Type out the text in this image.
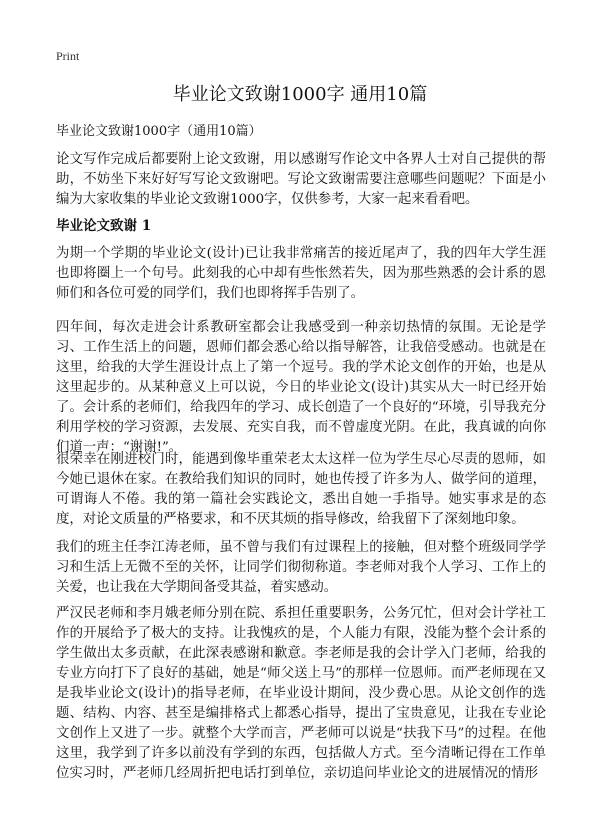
Print

毕业论文致谢1000字 通用10篇

毕业论文致谢1000字（通用10篇）

论文写作完成后都要附上论文致谢，用以感谢写作论文中各界人士对自己提供的帮助，不妨坐下来好好写写论文致谢吧。写论文致谢需要注意哪些问题呢？下面是小编为大家收集的毕业论文致谢1000字，仅供参考，大家一起来看看吧。

毕业论文致谢 1

为期一个学期的毕业论文(设计)已让我非常痛苦的接近尾声了，我的四年大学生涯也即将圈上一个句号。此刻我的心中却有些怅然若失，因为那些熟悉的会计系的恩师们和各位可爱的同学们，我们也即将挥手告别了。

四年间，每次走进会计系教研室都会让我感受到一种亲切热情的氛围。无论是学习、工作生活上的问题，恩师们都会悉心给以指导解答，让我倍受感动。也就是在这里，给我的大学生涯设计点上了第一个逗号。我的学术论文创作的开始，也是从这里起步的。从某种意义上可以说，今日的毕业论文(设计)其实从大一时已经开始了。会计系的老师们，给我四年的学习、成长创造了一个良好的“环境，引导我充分利用学校的学习资源，去发展、充实自我，而不曾虚度光阴。在此，我真诚的向你们道一声：“谢谢!”。

很荣幸在刚进校门时，能遇到像毕重荣老太太这样一位为学生尽心尽责的恩师，如今她已退休在家。在教给我们知识的同时，她也传授了许多为人、做学问的道理，可谓诲人不倦。我的第一篇社会实践论文，悉出自她一手指导。她实事求是的态度，对论文质量的严格要求，和不厌其烦的指导修改，给我留下了深刻地印象。

我们的班主任李江涛老师，虽不曾与我们有过课程上的接触，但对整个班级同学学习和生活上无微不至的关怀，让同学们彻彻称道。李老师对我个人学习、工作上的关爱，也让我在大学期间备受其益，着实感动。

严汉民老师和李月娥老师分别在院、系担任重要职务，公务冗忙，但对会计学社工作的开展给予了极大的支持。让我愧疚的是，个人能力有限，没能为整个会计系的学生做出太多贡献，在此深表感谢和歉意。李老师是我的会计学入门老师，给我的专业方向打下了良好的基础，她是“师父送上马”的那样一位恩师。而严老师现在又是我毕业论文(设计)的指导老师，在毕业设计期间，没少费心思。从论文创作的选题、结构、内容、甚至是编排格式上都悉心指导，提出了宝贵意见，让我在专业论文创作上又进了一步。就整个大学而言，严老师可以说是“扶我下马”的过程。在他这里，我学到了许多以前没有学到的东西，包括做人方式。至今清晰记得在工作单位实习时，严老师几经周折把电话打到单位，亲切追问毕业论文的进展情况的情形
